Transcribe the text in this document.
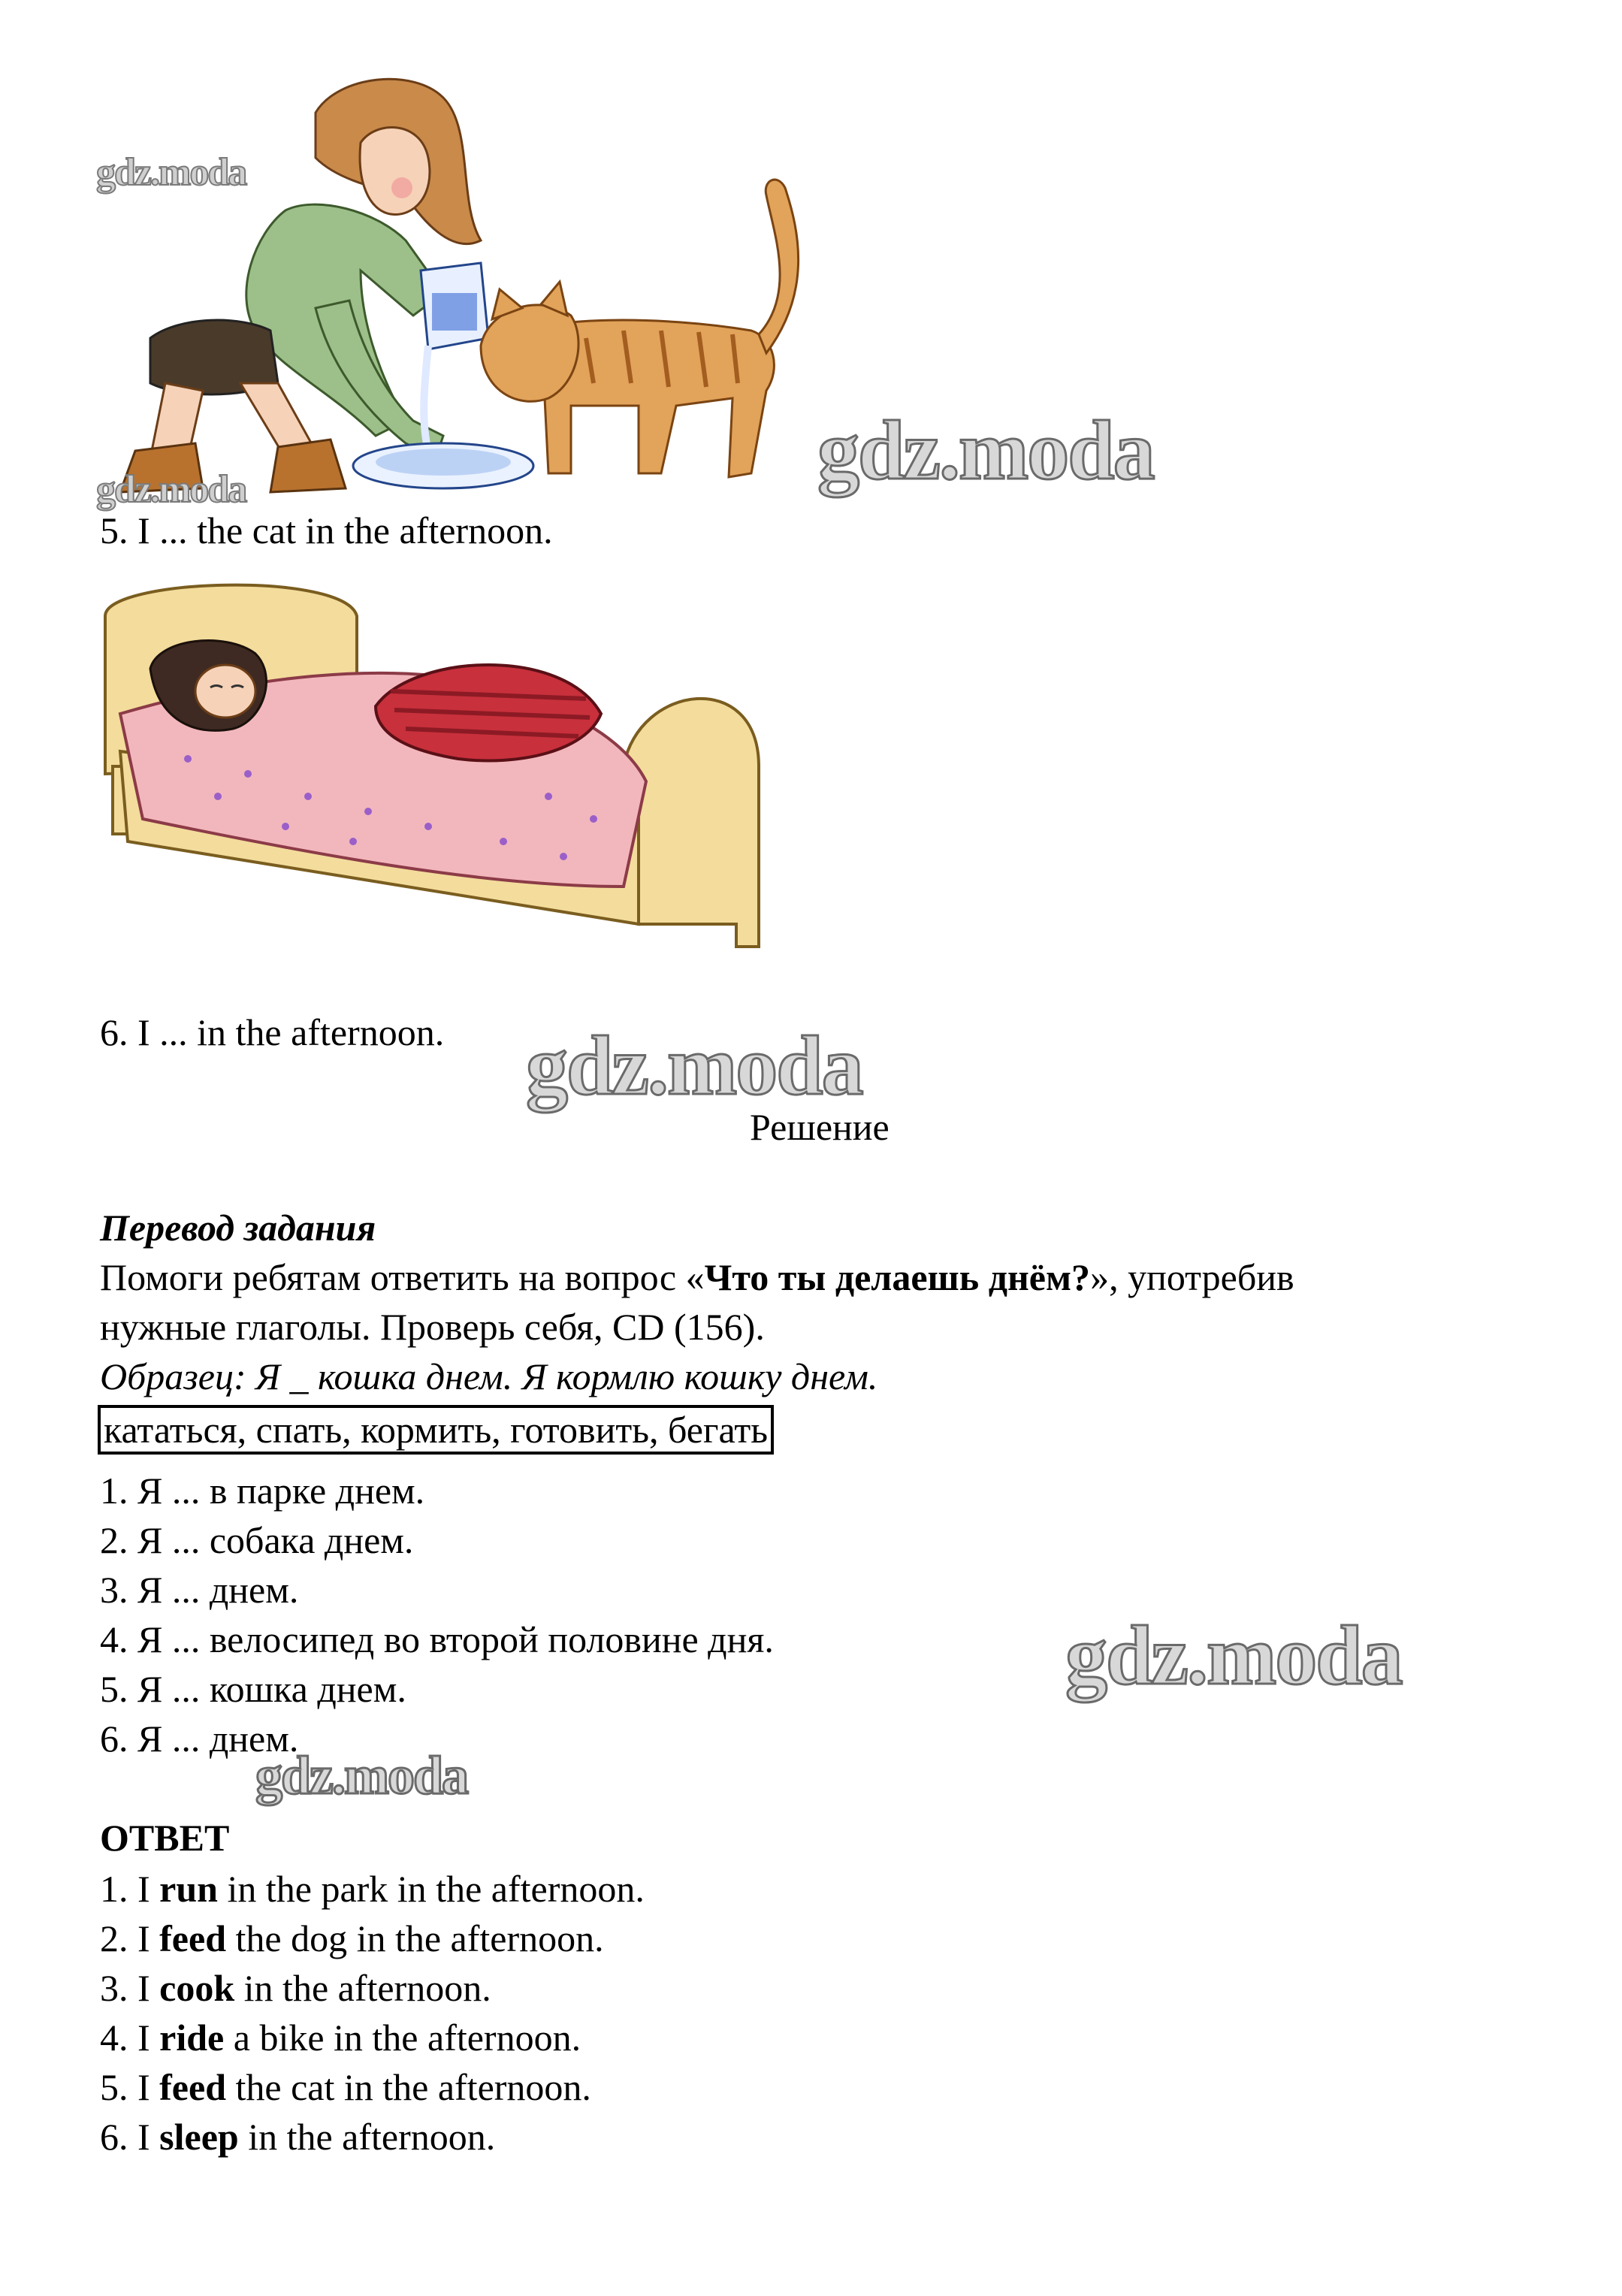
gdz.moda
gdz.moda	gdz.moda
5. I ... the cat in the afternoon.
6. I ... in the afternoon. gdz.moda
Решение
Перевод задания
Помоги ребятам ответить на вопрос «Что ты делаешь днём?», употребив
нужные глаголы. Проверь себя, CD (156).
Образец: Я _ кошка днем. Я кормлю кошку днем.
кататься, спать, кормить, готовить, бегать
1. Я ... в парке днем.
2. Я ... собака днем.
3. Я ... днем.
4. Я ... велосипед во второй половине дня.
5. Я ... кошка днем.
6. Я ... днем.
gdz.moda
gdz.moda
ОТВЕТ
1. I run in the park in the afternoon.
2. I feed the dog in the afternoon.
3. I cook in the afternoon.
4. I ride a bike in the afternoon.
5. I feed the cat in the afternoon.
6. I sleep in the afternoon.
